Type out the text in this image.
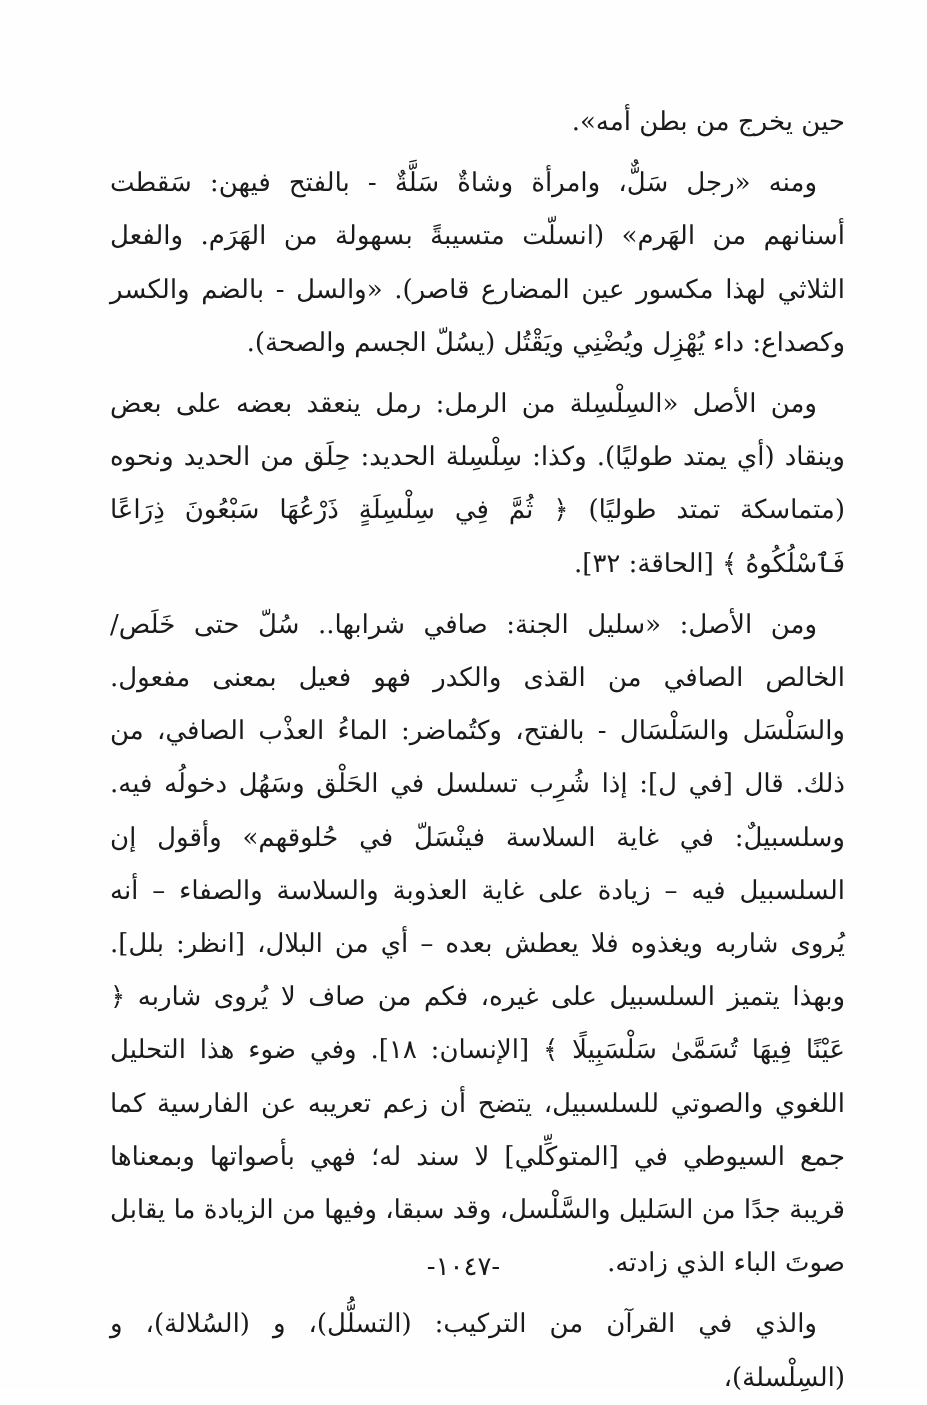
حين يخرج من بطن أمه».

ومنه «رجل سَلٌّ، وامرأة وشاةٌ سَلَّةٌ - بالفتح فيهن: سَقطت أسنانهم من الهَرم» (انسلّت متسيبةً بسهولة من الهَرَم. والفعل الثلاثي لهذا مكسور عين المضارع قاصر). «والسل - بالضم والكسر وكصداع: داء يُهْزِل ويُضْنِي ويَقْتُل (يسُلّ الجسم والصحة).

ومن الأصل «السِلْسِلة من الرمل: رمل ينعقد بعضه على بعض وينقاد (أي يمتد طوليًا). وكذا: سِلْسِلة الحديد: حِلَق من الحديد ونحوه (متماسكة تمتد طوليًا) ﴿ ثُمَّ فِي سِلْسِلَةٍ ذَرْعُهَا سَبْعُونَ ذِرَاعًا فَٱسْلُكُوهُ ﴾ [الحاقة: ٣٢].

ومن الأصل: «سليل الجنة: صافي شرابها.. سُلّ حتى خَلَص/ الخالص الصافي من القذى والكدر فهو فعيل بمعنى مفعول. والسَلْسَل والسَلْسَال - بالفتح، وكتُماضر: الماءُ العذْب الصافي، من ذلك. قال [في ل]: إذا شُرِب تسلسل في الحَلْق وسَهُل دخولُه فيه. وسلسبيلٌ: في غاية السلاسة فينْسَلّ في حُلوقهم» وأقول إن السلسبيل فيه – زيادة على غاية العذوبة والسلاسة والصفاء – أنه يُروى شاربه ويغذوه فلا يعطش بعده – أي من البلال، [انظر: بلل]. وبهذا يتميز السلسبيل على غيره، فكم من صاف لا يُروى شاربه ﴿ عَيْنًا فِيهَا تُسَمَّىٰ سَلْسَبِيلًا ﴾ [الإنسان: ١٨]. وفي ضوء هذا التحليل اللغوي والصوتي للسلسبيل، يتضح أن زعم تعريبه عن الفارسية كما جمع السيوطي في [المتوكِّلي] لا سند له؛ فهي بأصواتها وبمعناها قريبة جدًا من السَليل والسَّلْسل، وقد سبقا، وفيها من الزيادة ما يقابل صوتَ الباء الذي زادته.

والذي في القرآن من التركيب: (التسلُّل)، و (السُلالة)، و (السِلْسلة)،

-١٠٤٧-
